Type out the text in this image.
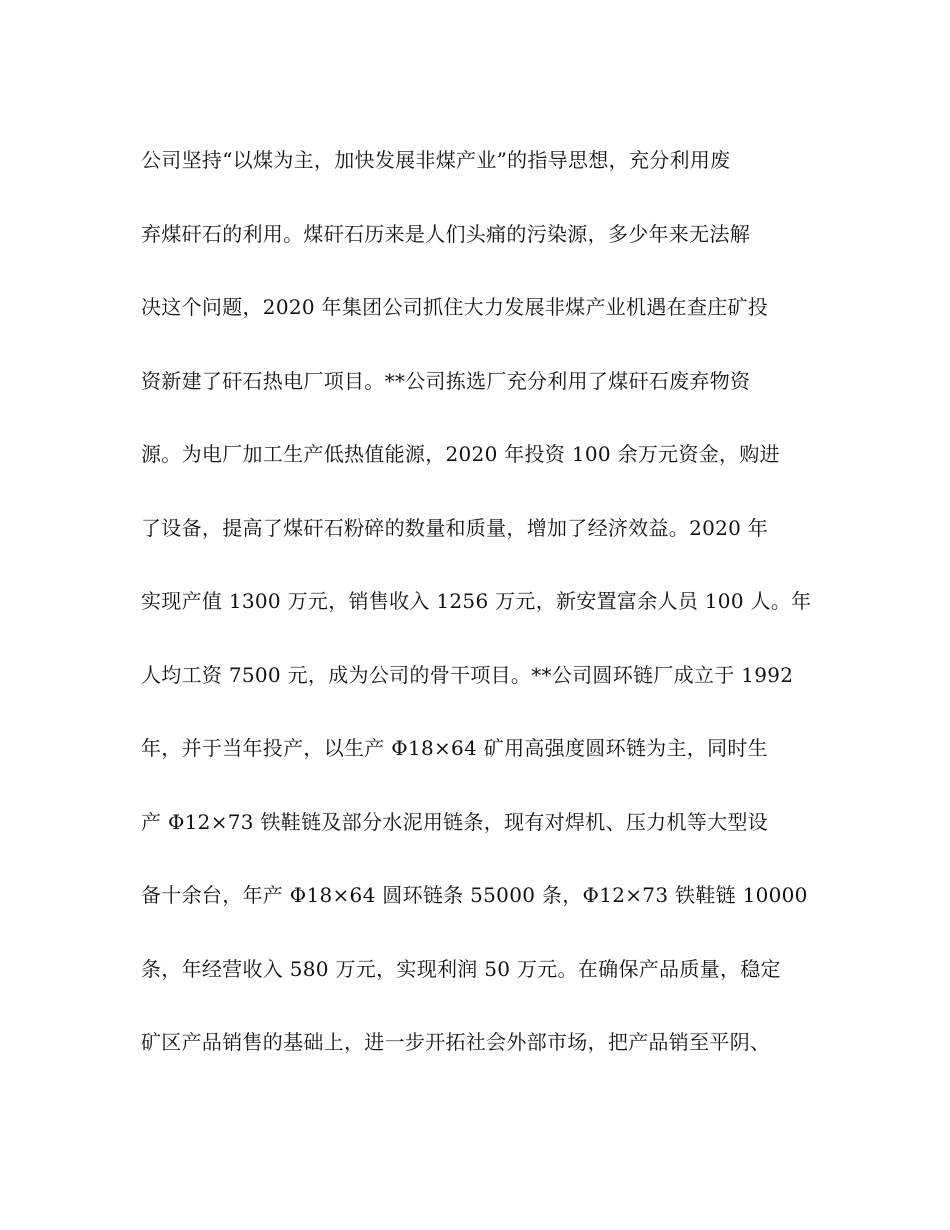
公司坚持“以煤为主，加快发展非煤产业”的指导思想，充分利用废
弃煤矸石的利用。煤矸石历来是人们头痛的污染源，多少年来无法解
决这个问题，2020 年集团公司抓住大力发展非煤产业机遇在查庄矿投
资新建了矸石热电厂项目。**公司拣选厂充分利用了煤矸石废弃物资
源。为电厂加工生产低热值能源，2020 年投资 100 余万元资金，购进
了设备，提高了煤矸石粉碎的数量和质量，增加了经济效益。2020 年
实现产值 1300 万元，销售收入 1256 万元，新安置富余人员 100 人。年
人均工资 7500 元，成为公司的骨干项目。**公司圆环链厂成立于 1992
年，并于当年投产，以生产 Φ18×64 矿用高强度圆环链为主，同时生
产 Φ12×73 铁鞋链及部分水泥用链条，现有对焊机、压力机等大型设
备十余台，年产 Φ18×64 圆环链条 55000 条，Φ12×73 铁鞋链 10000
条，年经营收入 580 万元，实现利润 50 万元。在确保产品质量，稳定
矿区产品销售的基础上，进一步开拓社会外部市场，把产品销至平阴、
